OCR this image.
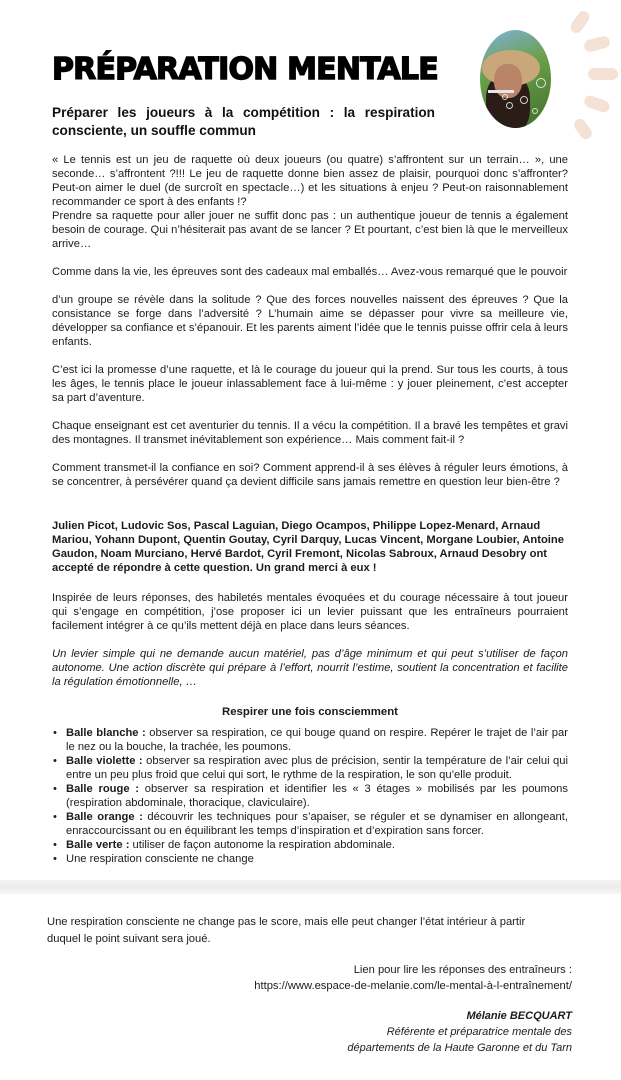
PRÉPARATION MENTALE
Préparer les joueurs à la compétition : la respiration consciente, un souffle commun

« Le tennis est un jeu de raquette où deux joueurs (ou quatre) s’affrontent sur un terrain… », une seconde… s’affrontent ?!!! Le jeu de raquette donne bien assez de plaisir, pourquoi donc s’affronter? Peut-on aimer le duel (de surcroît en spectacle…) et les situations à enjeu ? Peut-on raisonnablement recommander ce sport à des enfants !?

Prendre sa raquette pour aller jouer ne suffit donc pas : un authentique joueur de tennis a également besoin de courage. Qui n’hésiterait pas avant de se lancer ? Et pourtant, c’est bien là que le merveilleux arrive…

Comme dans la vie, les épreuves sont des cadeaux mal emballés… Avez-vous remarqué que le pouvoir

d’un groupe se révèle dans la solitude ? Que des forces nouvelles naissent des épreuves ? Que la consistance se forge dans l’adversité ? L’humain aime se dépasser pour vivre sa meilleure vie, développer sa confiance et s’épanouir. Et les parents aiment l’idée que le tennis puisse offrir cela à leurs enfants.

C’est ici la promesse d’une raquette, et là le courage du joueur qui la prend. Sur tous les courts, à tous les âges, le tennis place le joueur inlassablement face à lui-même : y jouer pleinement, c’est accepter sa part d’aventure.

Chaque enseignant est cet aventurier du tennis. Il a vécu la compétition. Il a bravé les tempêtes et gravi des montagnes. Il transmet inévitablement son expérience… Mais comment fait-il ?

Comment transmet-il la confiance en soi? Comment apprend-il à ses élèves à réguler leurs émotions, à se concentrer, à persévérer quand ça devient difficile sans jamais remettre en question leur bien-être ?

Julien Picot, Ludovic Sos, Pascal Laguian, Diego Ocampos, Philippe Lopez-Menard, Arnaud Mariou, Yohann Dupont, Quentin Goutay, Cyril Darquy, Lucas Vincent, Morgane Loubier, Antoine Gaudon, Noam Murciano, Hervé Bardot, Cyril Fremont, Nicolas Sabroux, Arnaud Desobry ont accepté de répondre à cette question. Un grand merci à eux !

Inspirée de leurs réponses, des habiletés mentales évoquées et du courage nécessaire à tout joueur qui s’engage en compétition, j’ose proposer ici un levier puissant que les entraîneurs pourraient facilement intégrer à ce qu’ils mettent déjà en place dans leurs séances.

Un levier simple qui ne demande aucun matériel, pas d’âge minimum et qui peut s’utiliser de façon autonome. Une action discrète qui prépare à l’effort, nourrit l’estime, soutient la concentration et facilite la régulation émotionnelle, …

Respirer une fois consciemment
• Balle blanche : observer sa respiration, ce qui bouge quand on respire. Repérer le trajet de l’air par le nez ou la bouche, la trachée, les poumons.
• Balle violette : observer sa respiration avec plus de précision, sentir la température de l’air celui qui entre un peu plus froid que celui qui sort, le rythme de la respiration, le son qu’elle produit.
• Balle rouge : observer sa respiration et identifier les « 3 étages » mobilisés par les poumons (respiration abdominale, thoracique, claviculaire).
• Balle orange : découvrir les techniques pour s’apaiser, se réguler et se dynamiser en allongeant, enraccourcissant ou en équilibrant les temps d’inspiration et d’expiration sans forcer.
• Balle verte : utiliser de façon autonome la respiration abdominale.
• Une respiration consciente ne change

Une respiration consciente ne change pas le score, mais elle peut changer l’état intérieur à partir duquel le point suivant sera joué.

Lien pour lire les réponses des entraîneurs :
https://www.espace-de-melanie.com/le-mental-à-l-entraînement/
Mélanie BECQUART
Référente et préparatrice mentale des
départements de la Haute Garonne et du Tarn
